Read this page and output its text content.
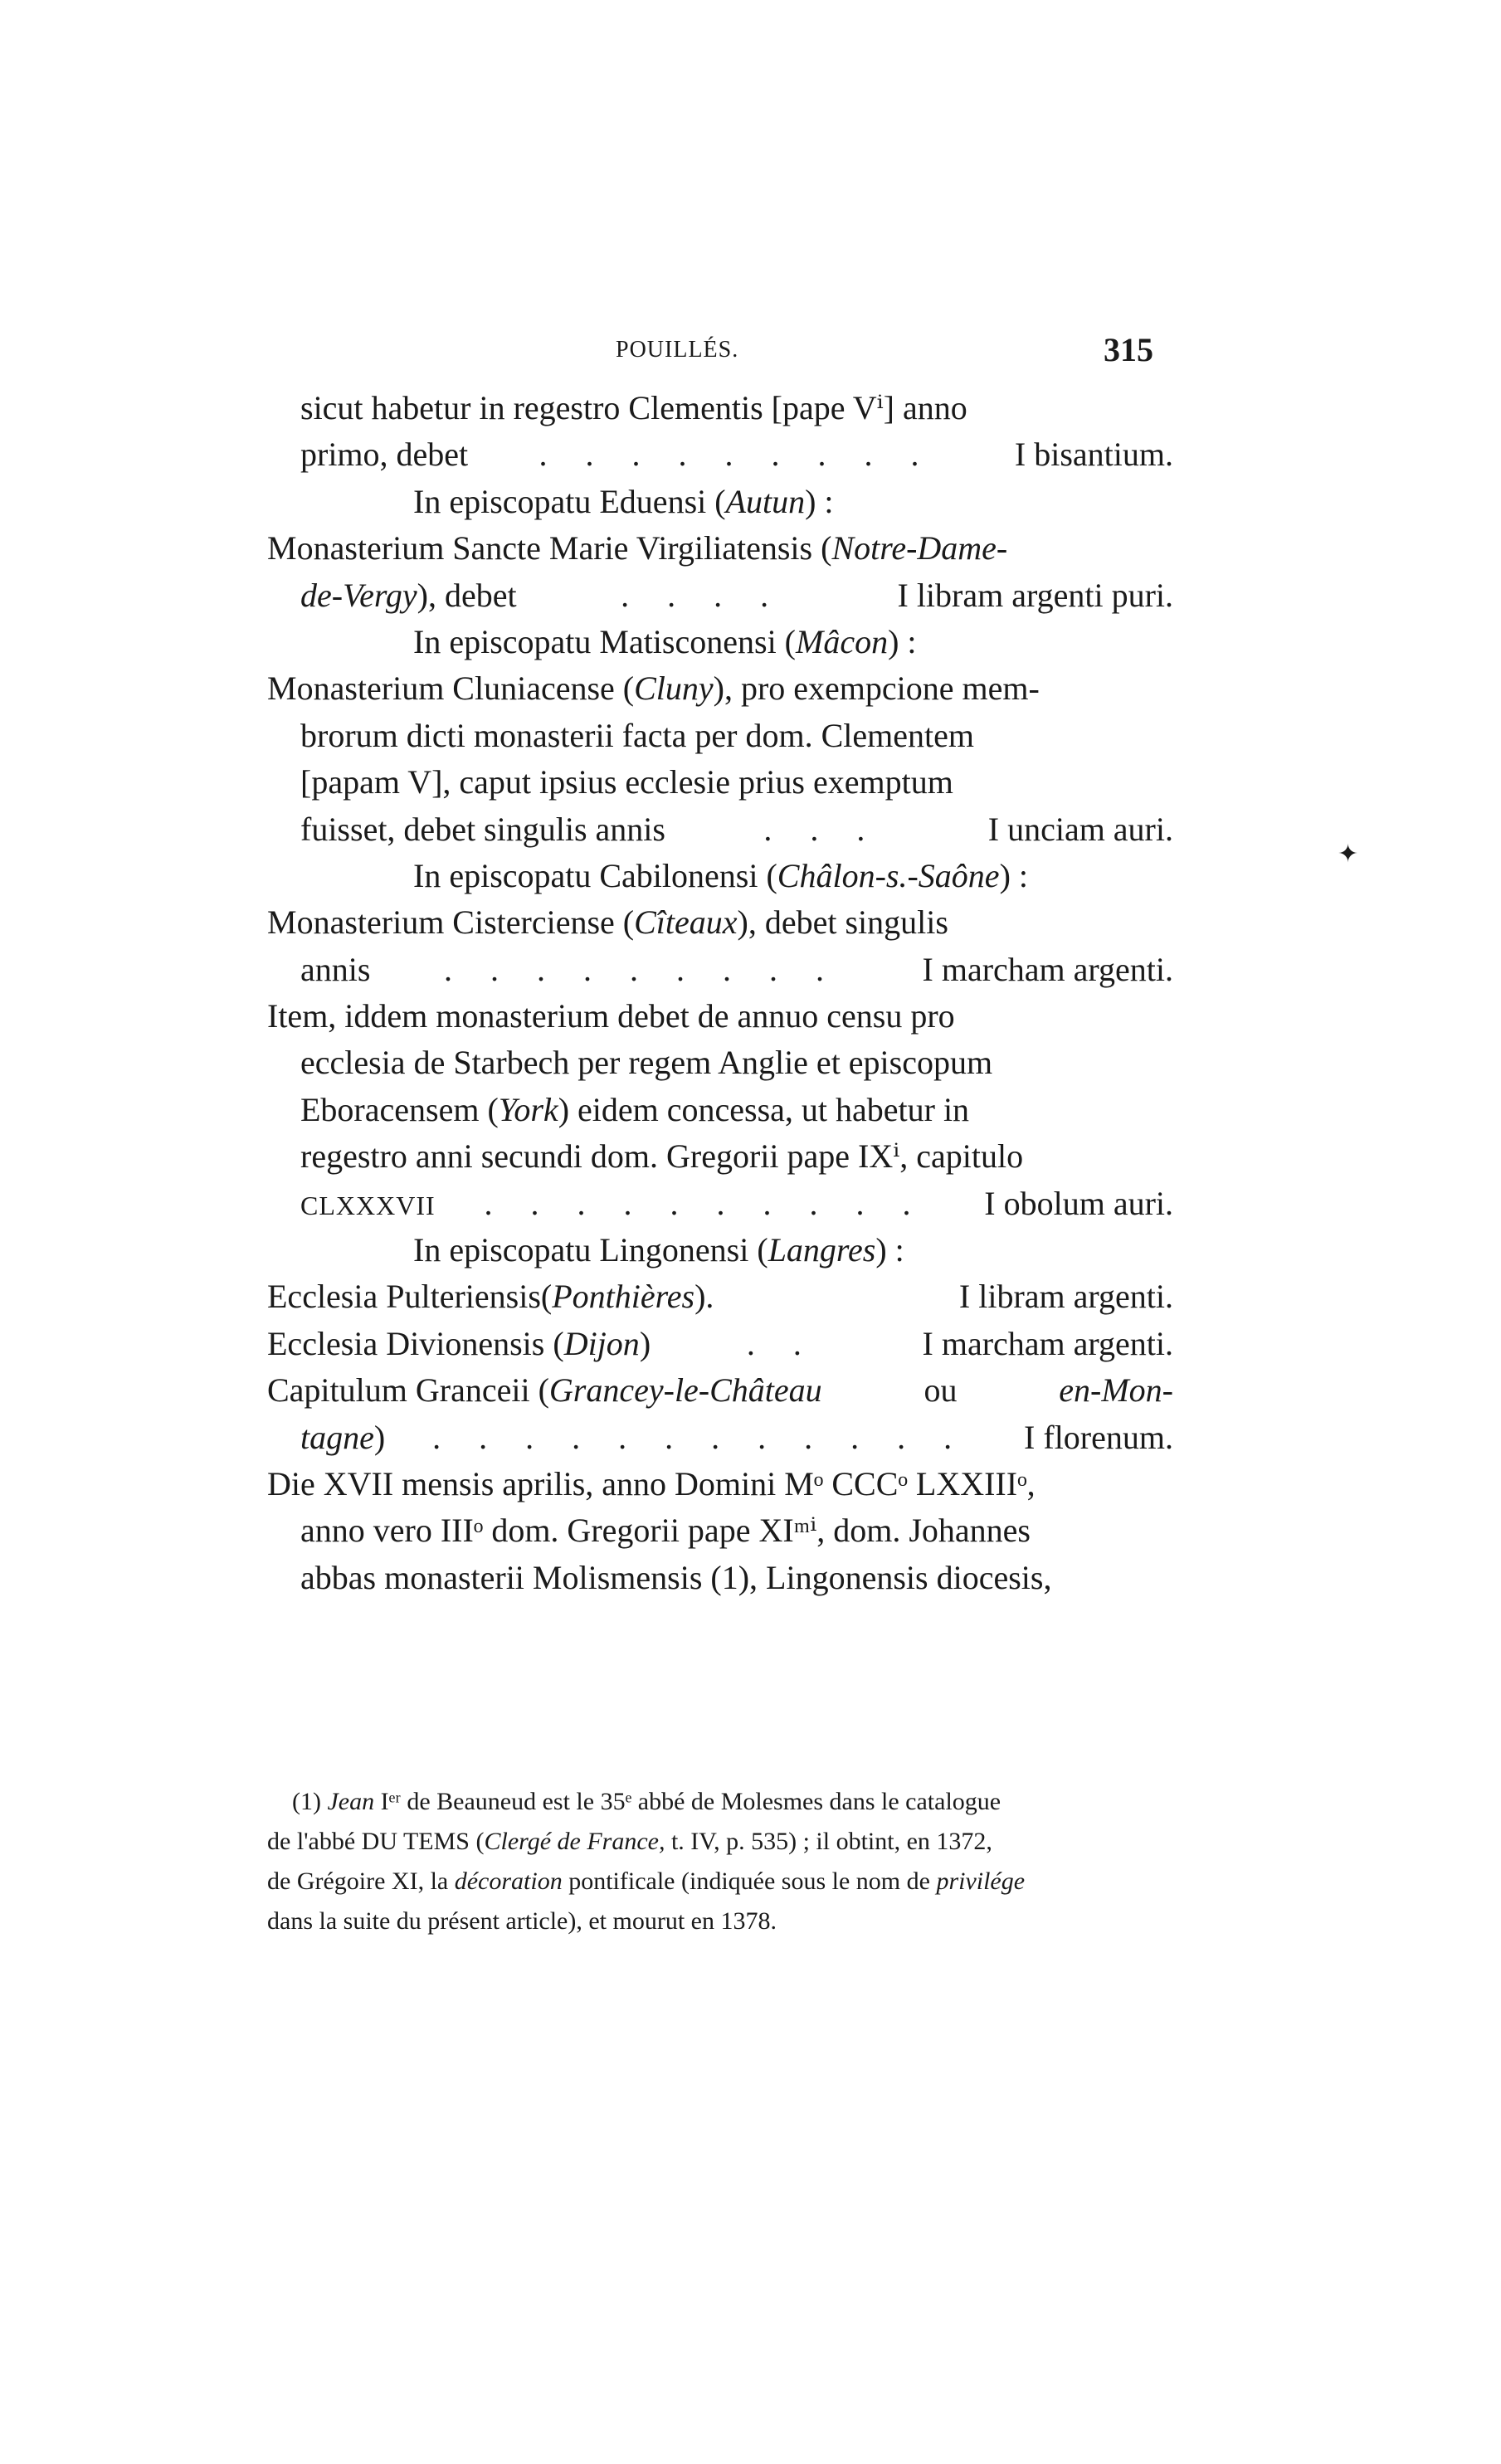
POUILLÉS.	315
✦
sicut habetur in regestro Clementis [pape Vⁱ] anno
primo, debet	. . . . . . . . .	I bisantium.
In episcopatu Eduensi ( Autun ) :
Monasterium Sancte Marie Virgiliatensis ( Notre-Dame-
de-Vergy ), debet	. . . .	I libram argenti puri.
In episcopatu Matisconensi ( Mâcon ) :
Monasterium Cluniacense ( Cluny ), pro exempcione mem-
brorum dicti monasterii facta per dom. Clementem
[papam V], caput ipsius ecclesie prius exemptum
fuisset, debet singulis annis	. . .	I unciam auri.
In episcopatu Cabilonensi ( Châlon-s.-Saône ) :
Monasterium Cisterciense ( Cîteaux ), debet singulis
annis	. . . . . . . . .	I marcham argenti.
Item, iddem monasterium debet de annuo censu pro
ecclesia de Starbech per regem Anglie et episcopum
Eboracensem ( York ) eidem concessa, ut habetur in
regestro anni secundi dom. Gregorii pape IXⁱ, capitulo
CLXXXVII	. . . . . . . . . .	I obolum auri.
In episcopatu Lingonensi ( Langres ) :
Ecclesia Pulteriensis( Ponthières ).	I libram argenti.
Ecclesia Divionensis ( Dijon )	. .	I marcham argenti.
Capitulum Granceii (Grancey-le-Château	ou	en-Mon-
tagne )	. . . . . . . . . . . .	I florenum.
Die XVII mensis aprilis, anno Domini Mᵒ CCCᵒ LXXIIIᵒ,
anno vero IIIᵒ dom. Gregorii pape XIᵐⁱ, dom. Johannes
abbas monasterii Molismensis (1), Lingonensis diocesis,
(1) Jean Iᵉʳ de Beauneud est le 35ᵉ abbé de Molesmes dans le catalogue
de l'abbé DU TEMS (Clergé de France, t. IV, p. 535) ; il obtint, en 1372,
de Grégoire XI, la décoration pontificale (indiquée sous le nom de privilége
dans la suite du présent article), et mourut en 1378.
